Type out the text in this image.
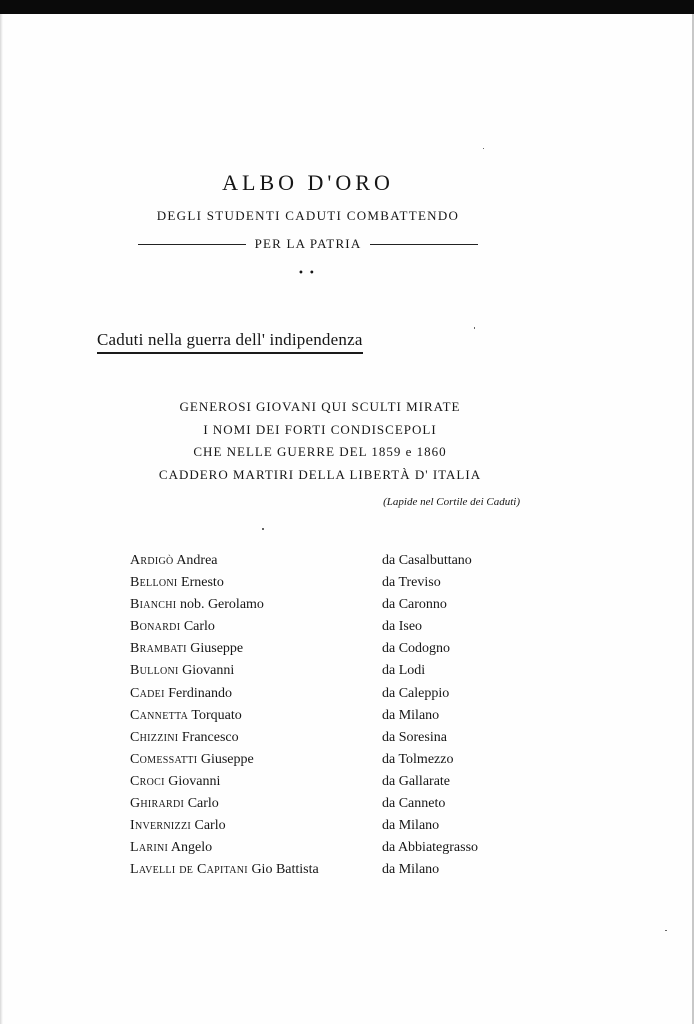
ALBO D'ORO
DEGLI STUDENTI CADUTI COMBATTENDO
PER LA PATRIA
••
Caduti nella guerra dell' indipendenza
GENEROSI GIOVANI QUI SCULTI MIRATE
I NOMI DEI FORTI CONDISCEPOLI
CHE NELLE GUERRE DEL 1859 e 1860
CADDERO MARTIRI DELLA LIBERTÀ D' ITALIA
(Lapide nel Cortile dei Caduti)
Ardigò Andrea	da Casalbuttano
Belloni Ernesto	da Treviso
Bianchi nob. Gerolamo	da Caronno
Bonardi Carlo	da Iseo
Brambati Giuseppe	da Codogno
Bulloni Giovanni	da Lodi
Cadei Ferdinando	da Caleppio
Cannetta Torquato	da Milano
Chizzini Francesco	da Soresina
Comessatti Giuseppe	da Tolmezzo
Croci Giovanni	da Gallarate
Ghirardi Carlo	da Canneto
Invernizzi Carlo	da Milano
Larini Angelo	da Abbiategrasso
Lavelli de Capitani Gio Battista	da Milano
